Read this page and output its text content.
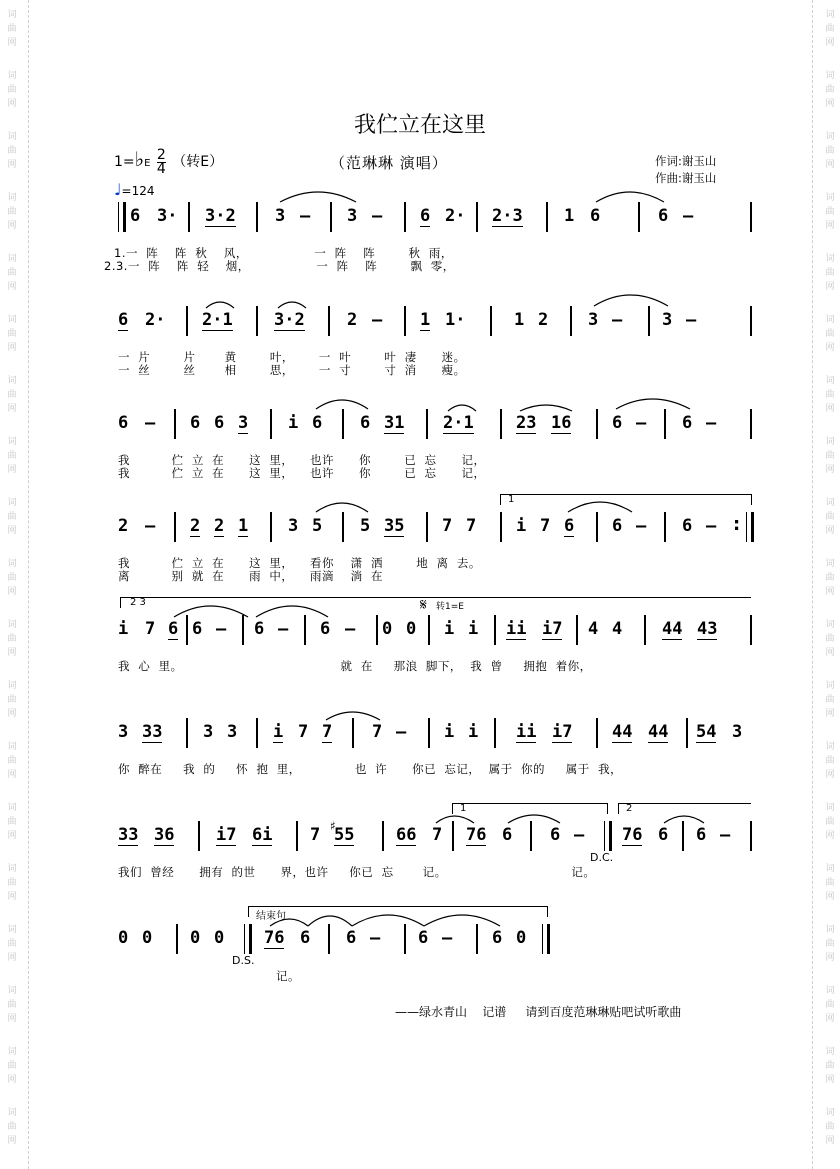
词
曲
网
词
曲
网
词
曲
网
词
曲
网
词
曲
网
词
曲
网
词
曲
网
词
曲
网
词
曲
网
词
曲
网
词
曲
网
词
曲
网
词
曲
网
词
曲
网
词
曲
网
词
曲
网
词
曲
网
词
曲
网
词
曲
网
词
曲
网
词
曲
网
词
曲
网
词
曲
网
词
曲
网
词
曲
网
词
曲
网
词
曲
网
词
曲
网
词
曲
网
词
曲
网
词
曲
网
词
曲
网
词
曲
网
词
曲
网
词
曲
网
词
曲
网
词
曲
网
词
曲
网
我伫立在这里
（范琳琳 演唱）	作词:谢玉山
作曲:谢玉山
1=♭E $\frac{2}{4}$ （转E）
♩=124
6 3· 3·2 3 – 3 – 6 2· 2·3 1 6	6 –
1.一  阵    阵  秋    风，                一  阵    阵        秋  雨，
2.3.一  阵    阵  轻    烟，                一  阵    阵        飘  零，
6 2· 2·1 3·2 2 – 1 1·	1 2 3 – 3 –
一  片        片       黄        叶，      一  叶        叶  凄      迷。
一  丝        丝       相        思，      一  寸        寸  消      瘦。
6 – 6 6 3 i 6 6 31 2·1 23 16 6 – 6 –
我          伫  立  在      这  里，    也许      你        已  忘      记，
我          伫  立  在      这  里，    也许      你        已  忘      记，
1
2 – 2 2 1 3 5 5 35 7 7 i 7 6 6 – 6 – :
我          伫  立  在      这  里，    看你    潇  洒        地  离  去。
离          别  就  在      雨  中，    雨滴    淌  在
2 3	𝄋 转1=E
i 7 6 6 – 6 – 6 – 0 0 i i ii i7 4 4 44 43
我  心  里。                                      就  在     那浪  脚下，  我  曾     拥抱  着你，
3 33 3 3 i 7 7 7 – i i ii i7 44 44 54 3
你  醉在     我  的     怀  抱  里，             也  许      你已  忘记，  属于  你的     属于  我，
1	2
33 36 i7 6i 7 55
♯	66 7 76 6 6 – 76 6 6 –
D.C.
我们  曾经      拥有  的世      界，也许     你已  忘       记。                              记。
结束句
0 0 0 0 76 6 6 – 6 – 6 0
D.S.
记。
——绿水青山    记谱     请到百度范琳琳贴吧试听歌曲
